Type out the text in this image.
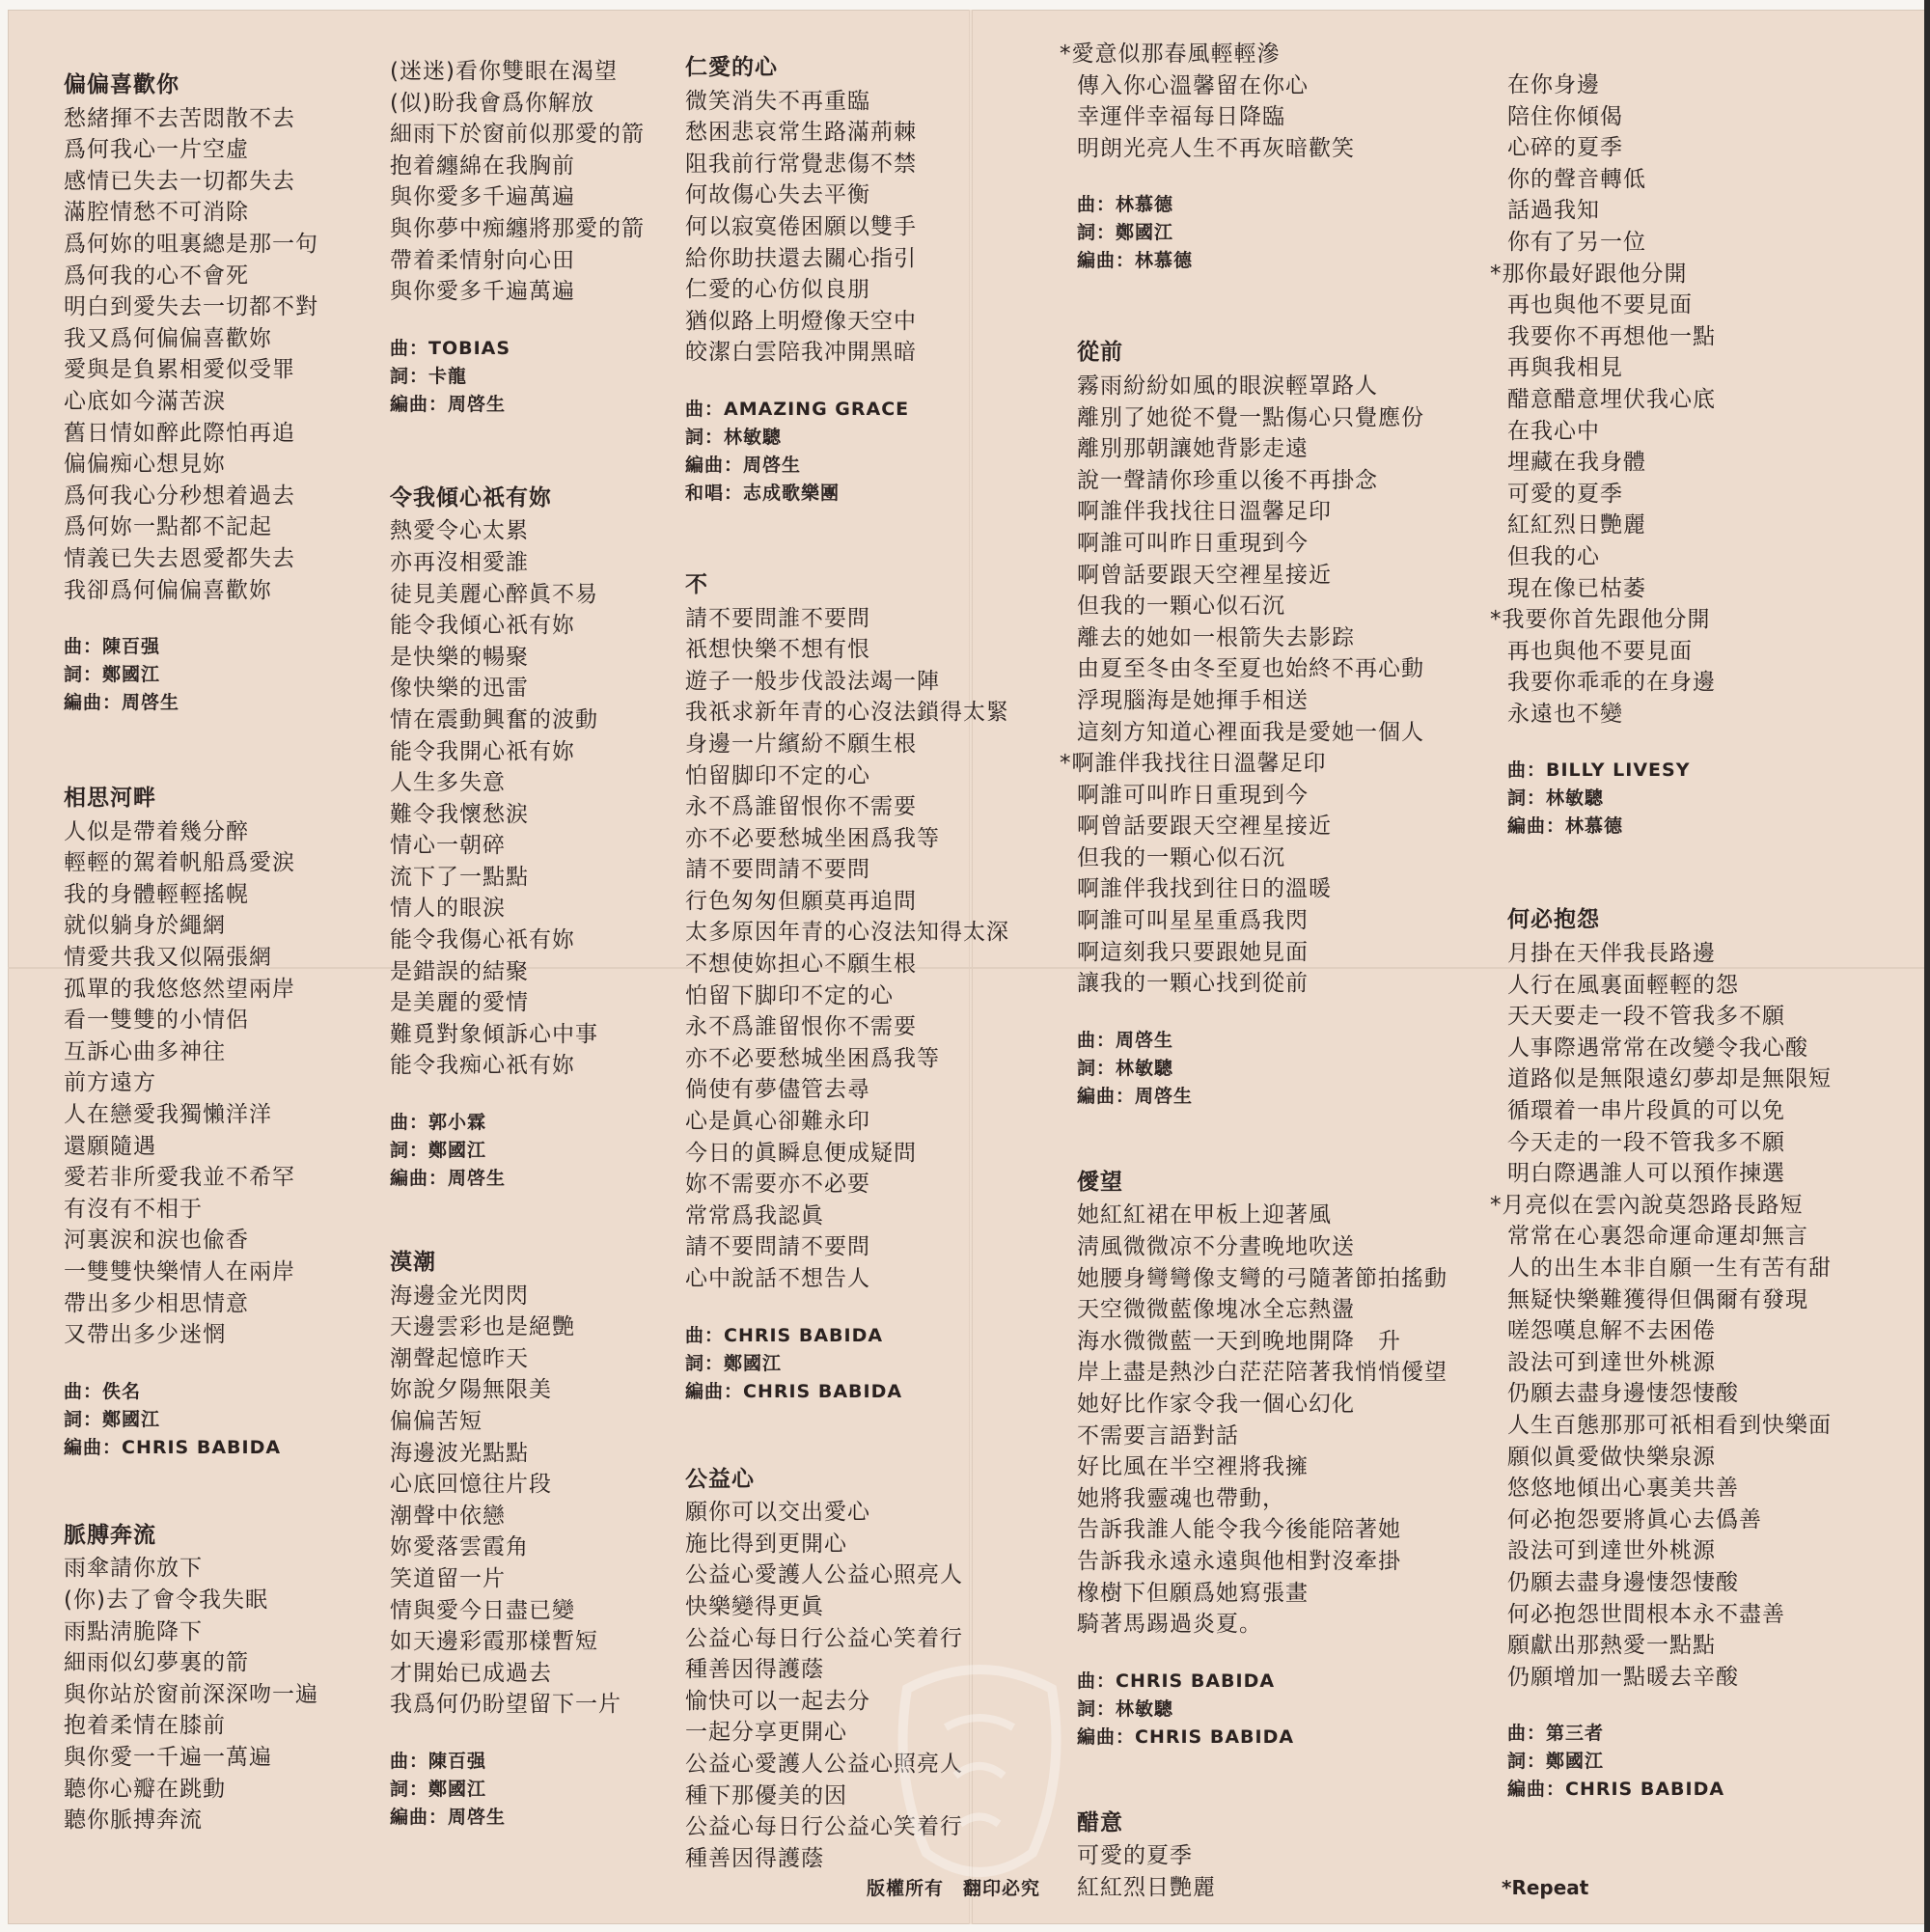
偏偏喜歡你
愁緒揮不去苦悶散不去
爲何我心一片空虛
感情已失去一切都失去
滿腔情愁不可消除
爲何妳的咀裏總是那一句
爲何我的心不會死
明白到愛失去一切都不對
我又爲何偏偏喜歡妳
愛與是負累相愛似受罪
心底如今滿苦淚
舊日情如醉此際怕再追
偏偏痴心想見妳
爲何我心分秒想着過去
爲何妳一點都不記起
情義已失去恩愛都失去
我卻爲何偏偏喜歡妳
曲：陳百强
詞：鄭國江
編曲：周啓生
相思河畔
人似是帶着幾分醉
輕輕的駕着帆船爲愛涙
我的身體輕輕搖幌
就似躺身於繩網
情愛共我又似隔張網
孤單的我悠悠然望兩岸
看一雙雙的小情侶
互訴心曲多神往
前方遠方
人在戀愛我獨懶洋洋
還願隨遇
愛若非所愛我並不希罕
有沒有不相于
河裏涙和涙也偸香
一雙雙快樂情人在兩岸
帶出多少相思情意
又帶出多少迷惘
曲：佚名
詞：鄭國江
編曲：CHRIS BABIDA
脈膊奔流
雨傘請你放下
(你)去了會令我失眠
雨點淸脆降下
細雨似幻夢裏的箭
與你站於窗前深深吻一遍
抱着柔情在膝前
與你愛一千遍一萬遍
聽你心瓣在跳動
聽你脈搏奔流
(迷迷)看你雙眼在渴望
(似)盼我會爲你解放
細雨下於窗前似那愛的箭
抱着纏綿在我胸前
與你愛多千遍萬遍
與你夢中痴纏將那愛的箭
帶着柔情射向心田
與你愛多千遍萬遍
曲：TOBIAS
詞：卡龍
編曲：周啓生
令我傾心祇有妳
熱愛令心太累
亦再沒相愛誰
徒見美麗心醉眞不易
能令我傾心祇有妳
是快樂的暢聚
像快樂的迅雷
情在震動興奮的波動
能令我開心祇有妳
人生多失意
難令我懷愁涙
情心一朝碎
流下了一點點
情人的眼涙
能令我傷心祇有妳
是錯誤的結聚
是美麗的愛情
難覓對象傾訴心中事
能令我痴心祇有妳
曲：郭小霖
詞：鄭國江
編曲：周啓生
漠潮
海邊金光閃閃
天邊雲彩也是絕艷
潮聲起憶昨天
妳說夕陽無限美
偏偏苦短
海邊波光點點
心底回憶往片段
潮聲中依戀
妳愛落雲霞角
笑道留一片
情與愛今日盡已變
如天邊彩霞那樣暫短
才開始已成過去
我爲何仍盼望留下一片
曲：陳百强
詞：鄭國江
編曲：周啓生
仁愛的心
微笑消失不再重臨
愁困悲哀常生路滿荊棘
阻我前行常覺悲傷不禁
何故傷心失去平衡
何以寂寞倦困願以雙手
給你助扶還去關心指引
仁愛的心仿似良朋
猶似路上明燈像天空中
皎潔白雲陪我冲開黑暗
曲：AMAZING GRACE
詞：林敏驄
編曲：周啓生
和唱：志成歌樂團
不
請不要問誰不要問
祇想快樂不想有恨
遊子一般步伐設法竭一陣
我祇求新年青的心沒法鎖得太緊
身邊一片繽紛不願生根
怕留脚印不定的心
永不爲誰留恨你不需要
亦不必要愁城坐困爲我等
請不要問請不要問
行色匆匆但願莫再追問
太多原因年青的心沒法知得太深
不想使妳担心不願生根
怕留下脚印不定的心
永不爲誰留恨你不需要
亦不必要愁城坐困爲我等
倘使有夢儘管去尋
心是眞心卻難永印
今日的眞瞬息便成疑問
妳不需要亦不必要
常常爲我認眞
請不要問請不要問
心中說話不想告人
曲：CHRIS BABIDA
詞：鄭國江
編曲：CHRIS BABIDA
公益心
願你可以交出愛心
施比得到更開心
公益心愛護人公益心照亮人
快樂變得更眞
公益心每日行公益心笑着行
種善因得護蔭
愉快可以一起去分
一起分享更開心
公益心愛護人公益心照亮人
種下那優美的因
公益心每日行公益心笑着行
種善因得護蔭
*愛意似那春風輕輕滲
傳入你心溫馨留在你心
幸運伴幸福每日降臨
明朗光亮人生不再灰暗歡笑
曲：林慕德
詞：鄭國江
編曲：林慕德
從前
霧雨紛紛如風的眼涙輕罩路人
離別了她從不覺一點傷心只覺應份
離別那朝讓她背影走遠
說一聲請你珍重以後不再掛念
啊誰伴我找往日溫馨足印
啊誰可叫昨日重現到今
啊曾話要跟天空裡星接近
但我的一顆心似石沉
離去的她如一根箭失去影踪
由夏至冬由冬至夏也始終不再心動
浮現腦海是她揮手相送
這刻方知道心裡面我是愛她一個人
*啊誰伴我找往日溫馨足印
啊誰可叫昨日重現到今
啊曾話要跟天空裡星接近
但我的一顆心似石沉
啊誰伴我找到往日的溫暖
啊誰可叫星星重爲我閃
啊這刻我只要跟她見面
讓我的一顆心找到從前
曲：周啓生
詞：林敏驄
編曲：周啓生
僾望
她紅紅裙在甲板上迎著風
淸風微微凉不分晝晚地吹送
她腰身彎彎像支彎的弓隨著節拍搖動
天空微微藍像塊冰全忘熱盪
海水微微藍一天到晚地開降　升
岸上盡是熱沙白茫茫陪著我悄悄僾望
她好比作家令我一個心幻化
不需要言語對話
好比風在半空裡將我擁
她將我靈魂也帶動，
告訴我誰人能令我今後能陪著她
告訴我永遠永遠與他相對沒牽掛
橡樹下但願爲她寫張畫
騎著馬踢過炎夏。
曲：CHRIS BABIDA
詞：林敏驄
編曲：CHRIS BABIDA
醋意
可愛的夏季
紅紅烈日艷麗
在你身邊
陪住你傾偈
心碎的夏季
你的聲音轉低
話過我知
你有了另一位
*那你最好跟他分開
再也與他不要見面
我要你不再想他一點
再與我相見
醋意醋意埋伏我心底
在我心中
埋藏在我身體
可愛的夏季
紅紅烈日艷麗
但我的心
現在像已枯萎
*我要你首先跟他分開
再也與他不要見面
我要你乖乖的在身邊
永遠也不變
曲：BILLY LIVESY
詞：林敏驄
編曲：林慕德
何必抱怨
月掛在天伴我長路邊
人行在風裏面輕輕的怨
天天要走一段不管我多不願
人事際遇常常在改變令我心酸
道路似是無限遠幻夢却是無限短
循環着一串片段眞的可以免
今天走的一段不管我多不願
明白際遇誰人可以預作揀選
*月亮似在雲內說莫怨路長路短
常常在心裏怨命運命運却無言
人的出生本非自願一生有苦有甜
無疑快樂難獲得但偶爾有發現
嗟怨嘆息解不去困倦
設法可到達世外桃源
仍願去盡身邊悽怨悽酸
人生百態那那可祇相看到快樂面
願似眞愛做快樂泉源
悠悠地傾出心裏美共善
何必抱怨要將眞心去僞善
設法可到達世外桃源
仍願去盡身邊悽怨悽酸
何必抱怨世間根本永不盡善
願獻出那熱愛一點點
仍願增加一點暖去辛酸
曲：第三者
詞：鄭國江
編曲：CHRIS BABIDA
版權所有　翻印必究	*Repeat
